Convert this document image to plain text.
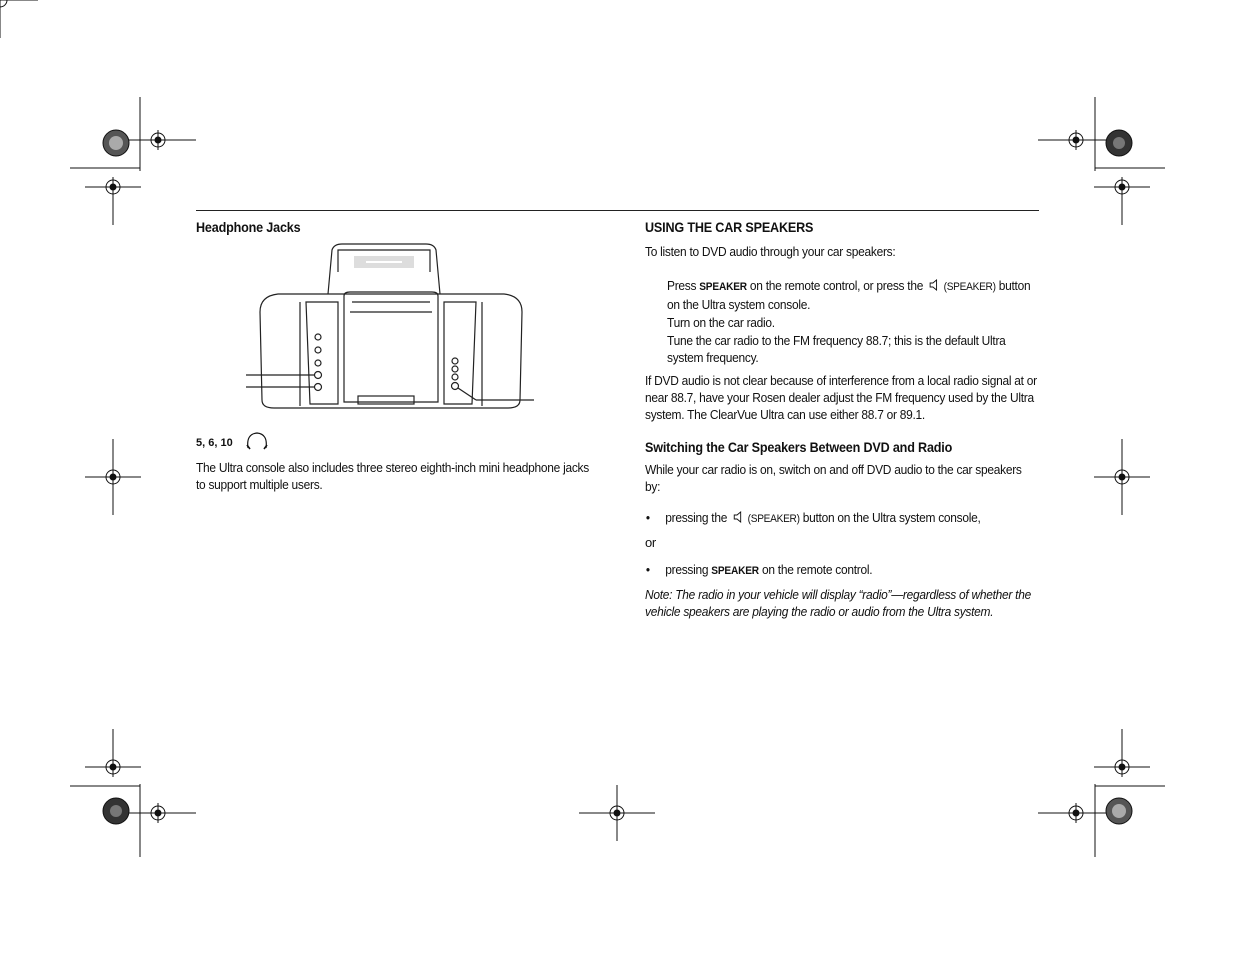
Headphone Jacks
5, 6, 10

The Ultra console also includes three stereo eighth-inch mini headphone jacks to support multiple users.

USING THE CAR SPEAKERS

To listen to DVD audio through your car speakers:

Press SPEAKER on the remote control, or press the (SPEAKER) button on the Ultra system console.
Turn on the car radio.
Tune the car radio to the FM frequency 88.7; this is the default Ultra system frequency.

If DVD audio is not clear because of interference from a local radio signal at or near 88.7, have your Rosen dealer adjust the FM frequency used by the Ultra system. The ClearVue Ultra can use either 88.7 or 89.1.

Switching the Car Speakers Between DVD and Radio

While your car radio is on, switch on and off DVD audio to the car speakers by:

• pressing the (SPEAKER) button on the Ultra system console,

or

• pressing SPEAKER on the remote control.

Note: The radio in your vehicle will display “radio”—regardless of whether the vehicle speakers are playing the radio or audio from the Ultra system.
